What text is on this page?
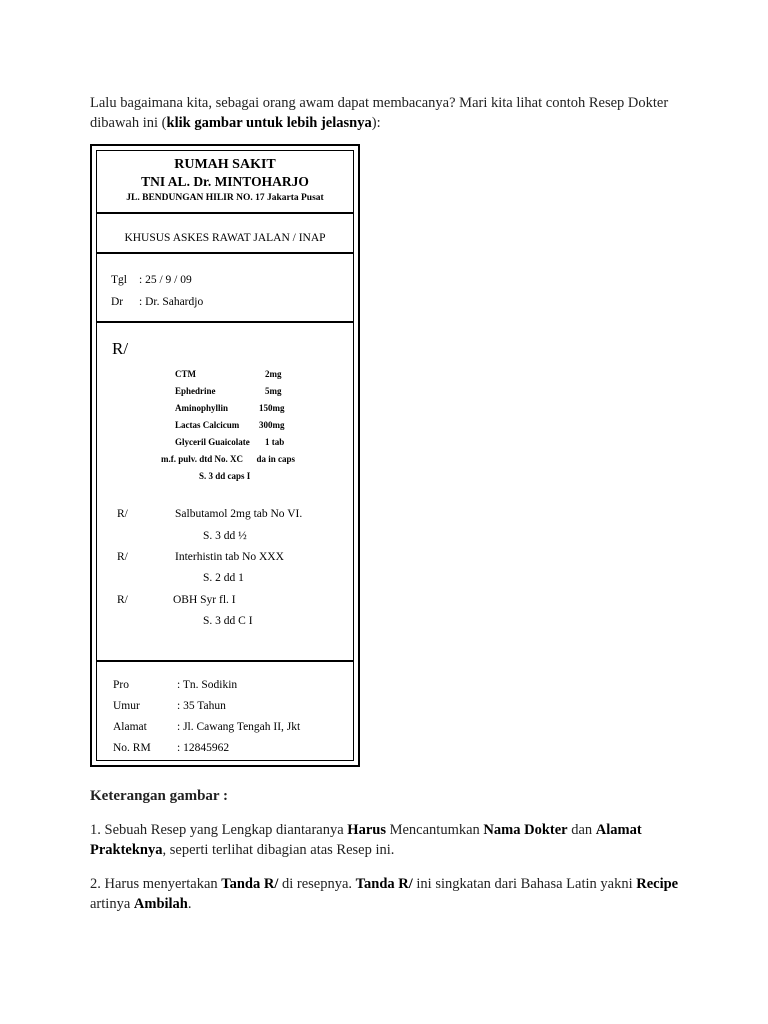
Lalu bagaimana kita, sebagai orang awam dapat membacanya? Mari kita lihat contoh Resep Dokter dibawah ini (klik gambar untuk lebih jelasnya):

RUMAH SAKIT
TNI AL. Dr. MINTOHARJO
JL. BENDUNGAN HILIR NO. 17 Jakarta Pusat
KHUSUS ASKES RAWAT JALAN / INAP
Tgl : 25 / 9 / 09
Dr : Dr. Sahardjo
R/
CTM	2mg
Ephedrine	5mg
Aminophyllin	150mg
Lactas Calcicum 300mg
Glyceril Guaicolate 1 tab
m.f. pulv. dtd No. XC      da in caps
S. 3 dd caps I
R/	Salbutamol 2mg tab No VI.
S. 3 dd ½
R/	Interhistin tab No XXX
S. 2 dd 1
R/	OBH Syr fl. I
S. 3 dd C I
Pro	: Tn. Sodikin
Umur	: 35 Tahun
Alamat	: Jl. Cawang Tengah II, Jkt
No. RM : 12845962

Keterangan gambar :

1. Sebuah Resep yang Lengkap diantaranya Harus Mencantumkan Nama Dokter dan Alamat Prakteknya, seperti terlihat dibagian atas Resep ini.

2. Harus menyertakan Tanda R/ di resepnya. Tanda R/ ini singkatan dari Bahasa Latin yakni Recipe artinya Ambilah.
